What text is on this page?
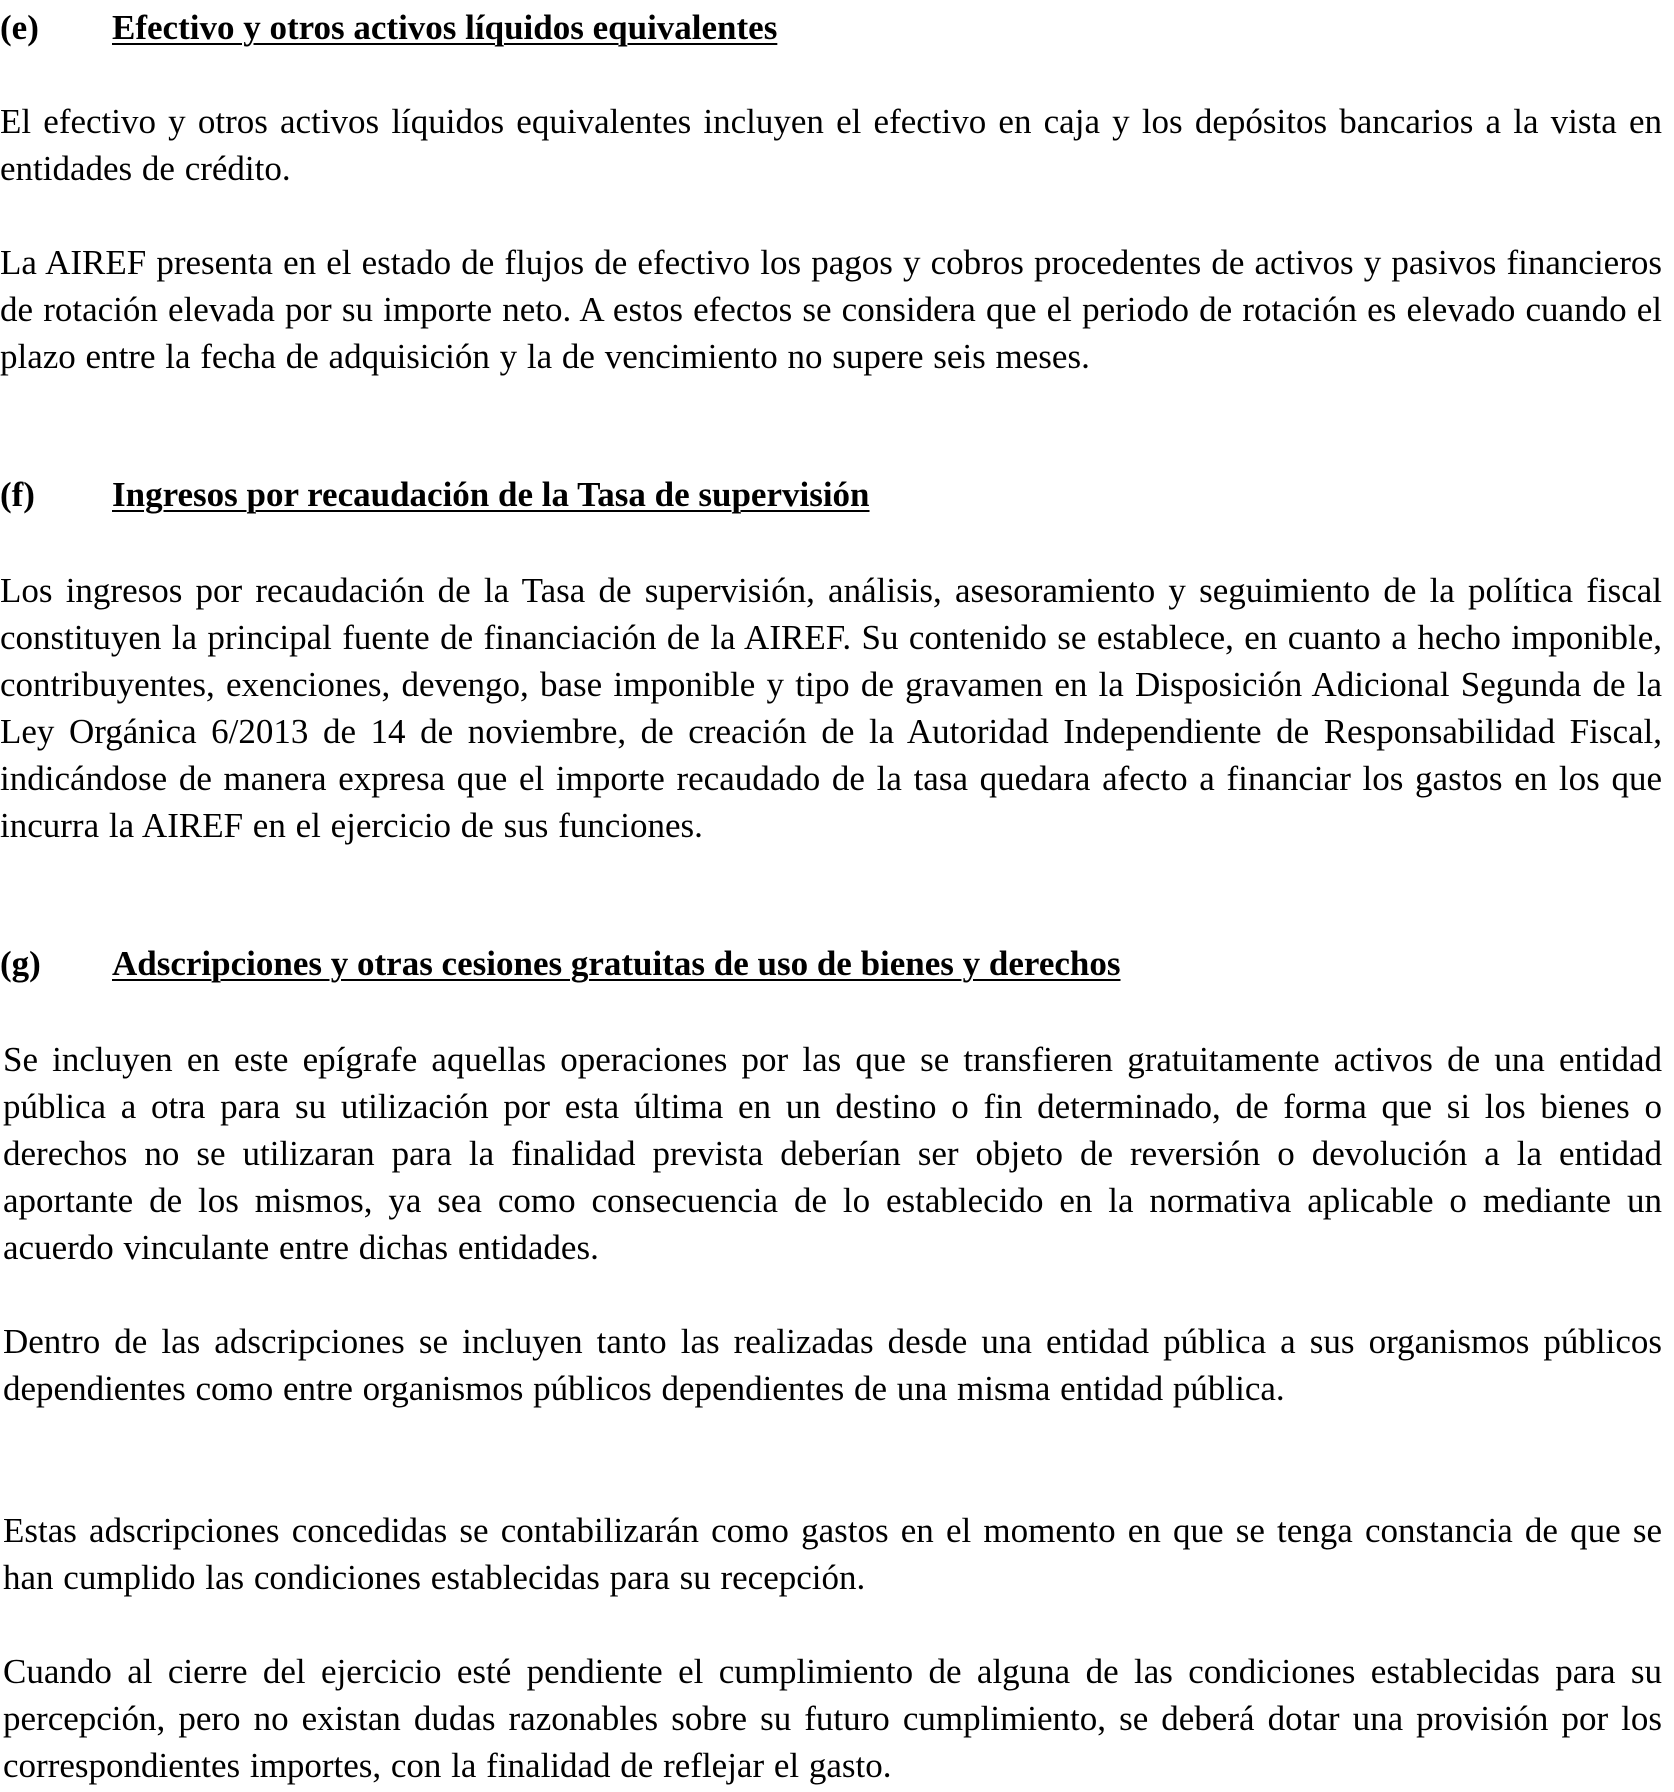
(e)	Efectivo y otros activos líquidos equivalentes

El efectivo y otros activos líquidos equivalentes incluyen el efectivo en caja y los depósitos bancarios a la vista en entidades de crédito.

La AIREF presenta en el estado de flujos de efectivo los pagos y cobros procedentes de activos y pasivos financieros de rotación elevada por su importe neto. A estos efectos se considera que el periodo de rotación es elevado cuando el plazo entre la fecha de adquisición y la de vencimiento no supere seis meses.

(f)	Ingresos por recaudación de la Tasa de supervisión

Los ingresos por recaudación de la Tasa de supervisión, análisis, asesoramiento y seguimiento de la política fiscal constituyen la principal fuente de financiación de la AIREF. Su contenido se establece, en cuanto a hecho imponible, contribuyentes, exenciones, devengo, base imponible y tipo de gravamen en la Disposición Adicional Segunda de la Ley Orgánica 6/2013 de 14 de noviembre, de creación de la Autoridad Independiente de Responsabilidad Fiscal, indicándose de manera expresa que el importe recaudado de la tasa quedara afecto a financiar los gastos en los que incurra la AIREF en el ejercicio de sus funciones.

(g)	Adscripciones y otras cesiones gratuitas de uso de bienes y derechos

Se incluyen en este epígrafe aquellas operaciones por las que se transfieren gratuitamente activos de una entidad pública a otra para su utilización por esta última en un destino o fin determinado, de forma que si los bienes o derechos no se utilizaran para la finalidad prevista deberían ser objeto de reversión o devolución a la entidad aportante de los mismos, ya sea como consecuencia de lo establecido en la normativa aplicable o mediante un acuerdo vinculante entre dichas entidades.

Dentro de las adscripciones se incluyen tanto las realizadas desde una entidad pública a sus organismos públicos dependientes como entre organismos públicos dependientes de una misma entidad pública.

Estas adscripciones concedidas se contabilizarán como gastos en el momento en que se tenga constancia de que se han cumplido las condiciones establecidas para su recepción.

Cuando al cierre del ejercicio esté pendiente el cumplimiento de alguna de las condiciones establecidas para su percepción, pero no existan dudas razonables sobre su futuro cumplimiento, se deberá dotar una provisión por los correspondientes importes, con la finalidad de reflejar el gasto.
